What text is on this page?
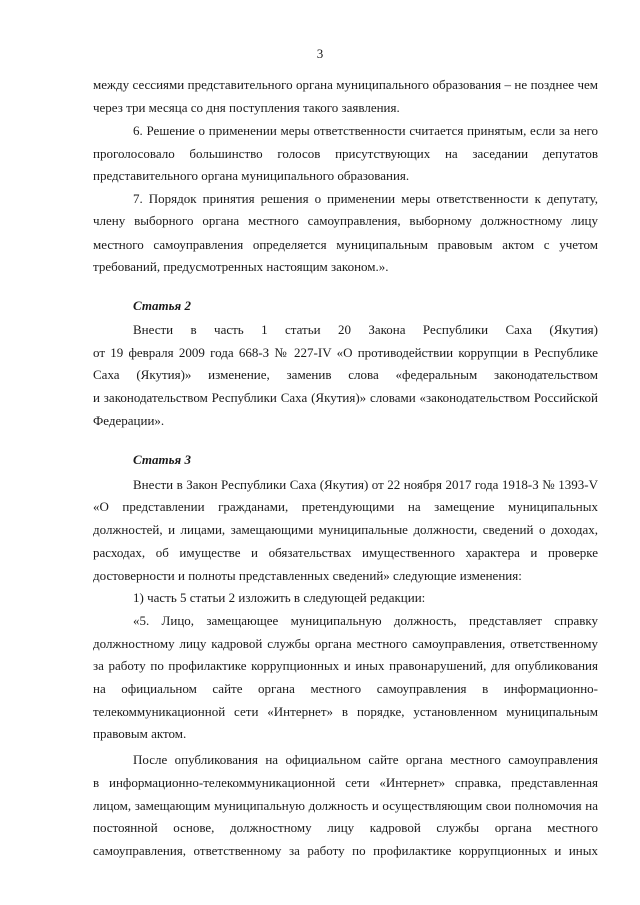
3
между сессиями представительного органа муниципального образования – не позднее чем
через три месяца со дня поступления такого заявления.
6. Решение о применении меры ответственности считается принятым, если за него
проголосовало большинство голосов присутствующих на заседании депутатов
представительного органа муниципального образования.
7. Порядок принятия решения о применении меры ответственности к депутату,
члену выборного органа местного самоуправления, выборному должностному лицу
местного самоуправления определяется муниципальным правовым актом с учетом
требований, предусмотренных настоящим законом.».
Статья 2
Внести в часть 1 статьи 20 Закона Республики Саха (Якутия)
от 19 февраля 2009 года 668-З № 227-IV «О противодействии коррупции в Республике
Саха (Якутия)» изменение, заменив слова «федеральным законодательством
и законодательством Республики Саха (Якутия)» словами «законодательством Российской
Федерации».
Статья 3
Внести в Закон Республики Саха (Якутия) от 22 ноября 2017 года 1918-З № 1393-V
«О представлении гражданами, претендующими на замещение муниципальных
должностей, и лицами, замещающими муниципальные должности, сведений о доходах,
расходах, об имуществе и обязательствах имущественного характера и проверке
достоверности и полноты представленных сведений» следующие изменения:
1) часть 5 статьи 2 изложить в следующей редакции:
«5. Лицо, замещающее муниципальную должность, представляет справку
должностному лицу кадровой службы органа местного самоуправления, ответственному
за работу по профилактике коррупционных и иных правонарушений, для опубликования
на официальном сайте органа местного самоуправления в информационно-
телекоммуникационной сети «Интернет» в порядке, установленном муниципальным
правовым актом.
После опубликования на официальном сайте органа местного самоуправления
в информационно-телекоммуникационной сети «Интернет» справка, представленная
лицом, замещающим муниципальную должность и осуществляющим свои полномочия на
постоянной основе, должностному лицу кадровой службы органа местного
самоуправления, ответственному за работу по профилактике коррупционных и иных
